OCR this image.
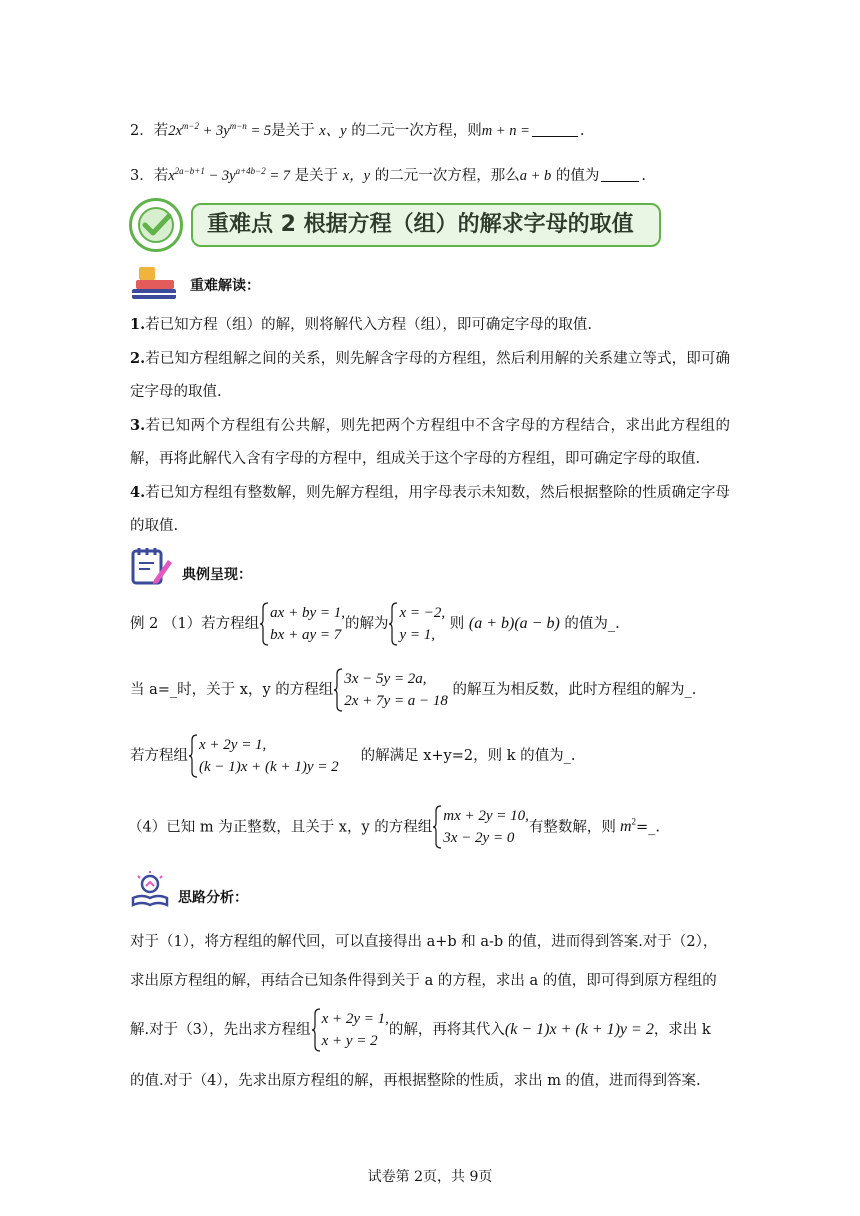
2．若$2x^{m-2} + 3y^{m-n} = 5$是关于 x、y 的二元一次方程，则m + n =	.
3．若$x^{2a-b+1} - 3y^{a+4b-2} = 7$ 是关于 x，y 的二元一次方程，那么a + b 的值为	.
重难点 2 根据方程（组）的解求字母的取值
重难解读：
1.若已知方程（组）的解，则将解代入方程（组），即可确定字母的取值.
2.若已知方程组解之间的关系，则先解含字母的方程组，然后利用解的关系建立等式，即可确定字母的取值.
3.若已知两个方程组有公共解，则先把两个方程组中不含字母的方程结合，求出此方程组的解，再将此解代入含有字母的方程中，组成关于这个字母的方程组，即可确定字母的取值.
4.若已知方程组有整数解，则先解方程组，用字母表示未知数，然后根据整除的性质确定字母的取值.
典例呈现：
例 2 （1）若方程组
ax + by = 1,
bx + ay = 7
的解为
x = −2,
y = 1,
则 (a + b)(a − b) 的值为_.
当 a=_时，关于 x，y 的方程组
3x − 5y = 2a,
2x + 7y = a − 18
的解互为相反数，此时方程组的解为_.
若方程组
x + 2y = 1,
(k − 1)x + (k + 1)y = 2
的解满足 x+y=2，则 k 的值为_.
（4）已知 m 为正整数，且关于 x，y 的方程组
mx + 2y = 10,
3x − 2y = 0
有整数解，则 $m^2=\_$.
思路分析：
对于（1），将方程组的解代回，可以直接得出 a+b 和 a-b 的值，进而得到答案.对于（2），
求出原方程组的解，再结合已知条件得到关于 a 的方程，求出 a 的值，即可得到原方程组的
解.对于（3），先出求方程组
x + 2y = 1,
x + y = 2
的解，再将其代入(k − 1)x + (k + 1)y = 2，求出 k
的值.对于（4），先求出原方程组的解，再根据整除的性质，求出 m 的值，进而得到答案.
试卷第 2页，共 9页
